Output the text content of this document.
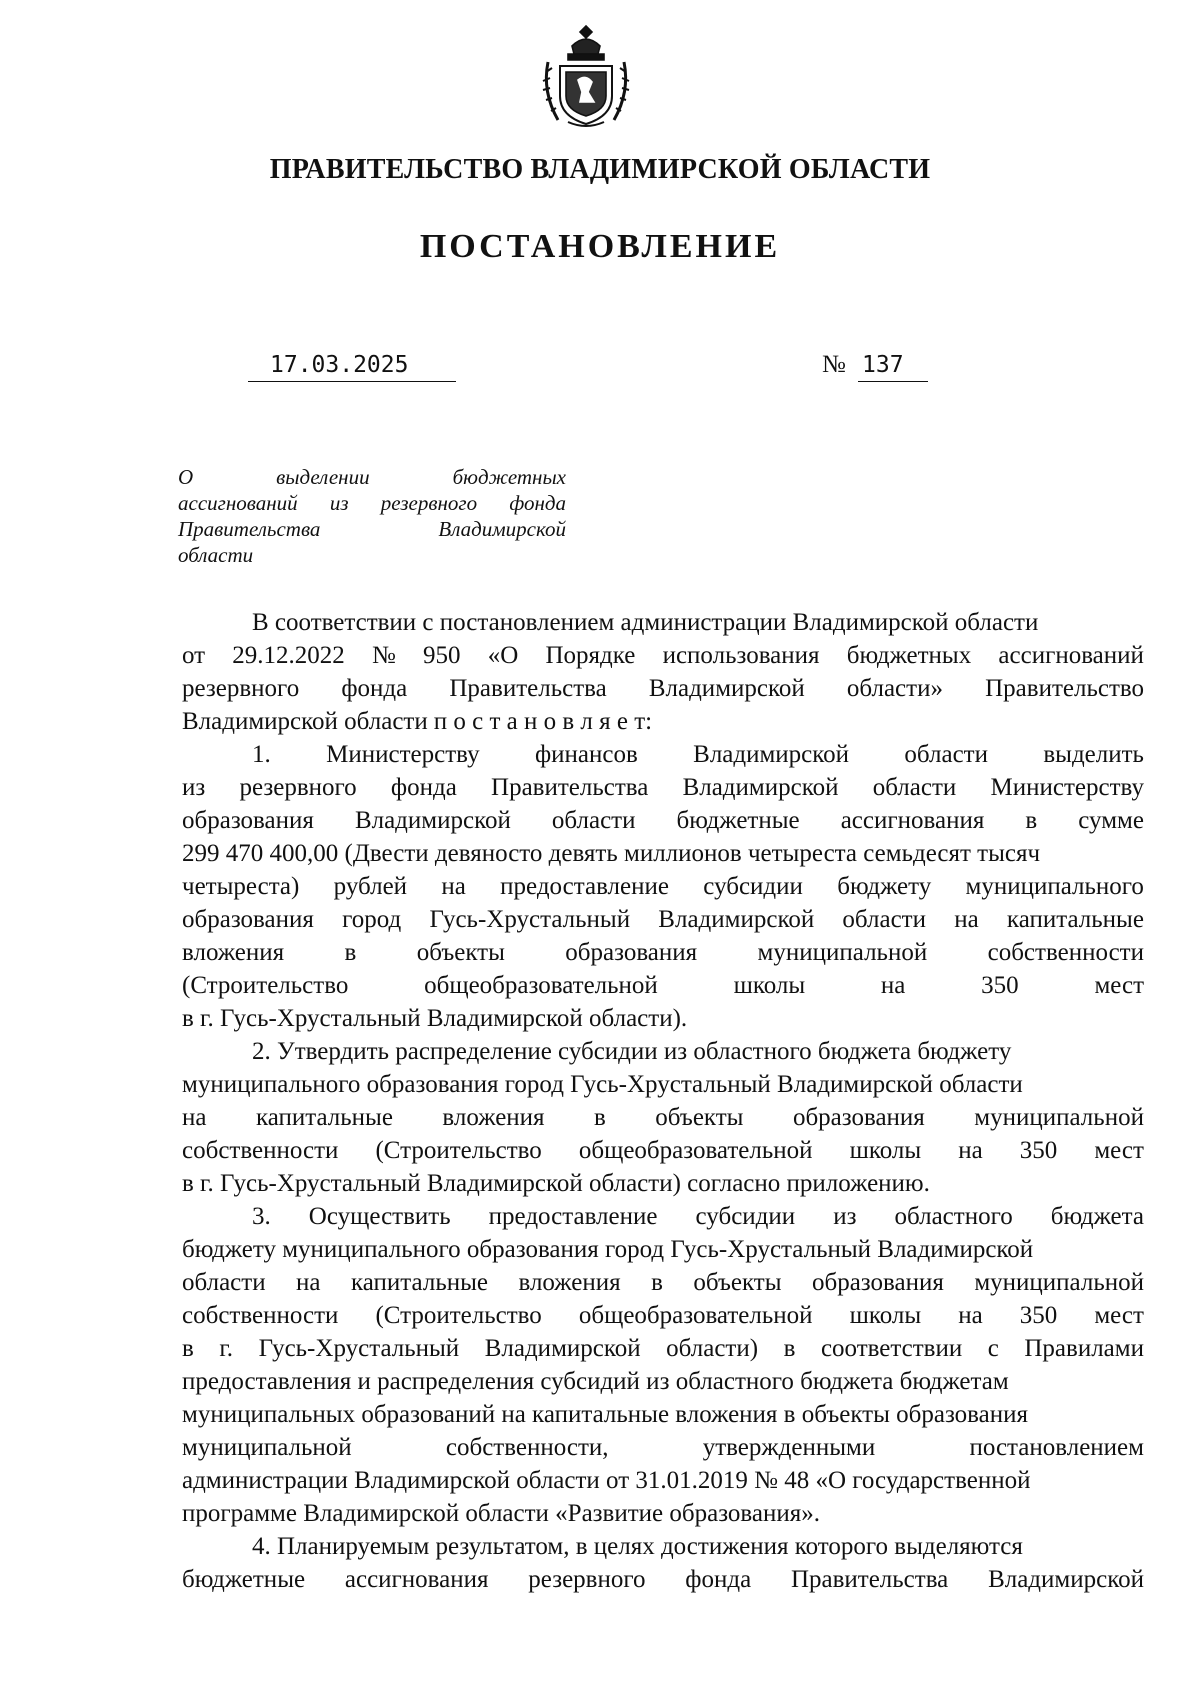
ПРАВИТЕЛЬСТВО ВЛАДИМИРСКОЙ ОБЛАСТИ
ПОСТАНОВЛЕНИЕ
17.03.2025	№ 137
О	выделении	бюджетных
ассигнований из резервного фонда
Правительства	Владимирской
области
В соответствии с постановлением администрации Владимирской области
от 29.12.2022 № 950 «О Порядке использования бюджетных ассигнований
резервного фонда Правительства Владимирской области» Правительство
Владимирской области п о с т а н о в л я е т:
1. Министерству финансов Владимирской области выделить
из резервного фонда Правительства Владимирской области Министерству
образования Владимирской области бюджетные ассигнования в сумме
299 470 400,00 (Двести девяносто девять миллионов четыреста семьдесят тысяч
четыреста) рублей на предоставление субсидии бюджету муниципального
образования город Гусь-Хрустальный Владимирской области на капитальные
вложения в объекты образования муниципальной собственности
(Строительство	общеобразовательной	школы	на	350	мест
в г. Гусь-Хрустальный Владимирской области).
2. Утвердить распределение субсидии из областного бюджета бюджету
муниципального образования город Гусь-Хрустальный Владимирской области
на капитальные вложения в объекты образования муниципальной
собственности (Строительство общеобразовательной школы на 350 мест
в г. Гусь-Хрустальный Владимирской области) согласно приложению.
3. Осуществить предоставление субсидии из областного бюджета
бюджету муниципального образования город Гусь-Хрустальный Владимирской
области на капитальные вложения в объекты образования муниципальной
собственности (Строительство общеобразовательной школы на 350 мест
в г. Гусь-Хрустальный Владимирской области) в соответствии с Правилами
предоставления и распределения субсидий из областного бюджета бюджетам
муниципальных образований на капитальные вложения в объекты образования
муниципальной	собственности,	утвержденными	постановлением
администрации Владимирской области от 31.01.2019 № 48 «О государственной
программе Владимирской области «Развитие образования».
4. Планируемым результатом, в целях достижения которого выделяются
бюджетные ассигнования резервного фонда Правительства Владимирской
